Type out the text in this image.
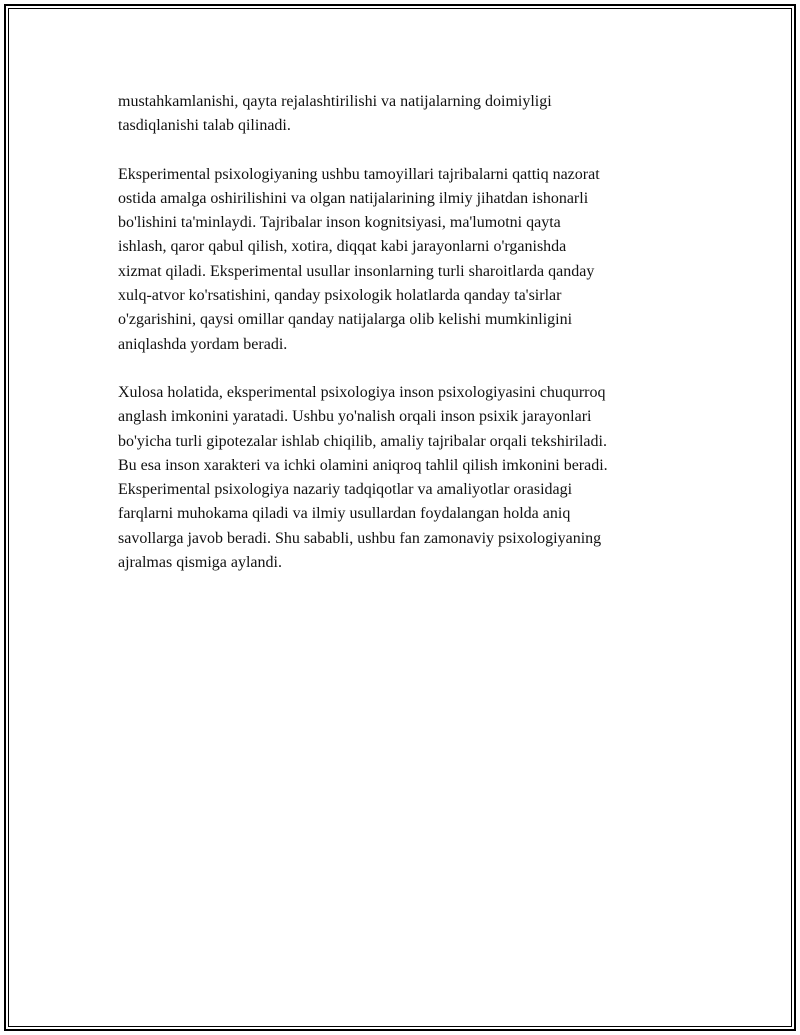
mustahkamlanishi, qayta rejalashtirilishi va natijalarning doimiyligi
tasdiqlanishi talab qilinadi.

Eksperimental psixologiyaning ushbu tamoyillari tajribalarni qattiq nazorat
ostida amalga oshirilishini va olgan natijalarining ilmiy jihatdan ishonarli
bo'lishini ta'minlaydi. Tajribalar inson kognitsiyasi, ma'lumotni qayta
ishlash, qaror qabul qilish, xotira, diqqat kabi jarayonlarni o'rganishda
xizmat qiladi. Eksperimental usullar insonlarning turli sharoitlarda qanday
xulq-atvor ko'rsatishini, qanday psixologik holatlarda qanday ta'sirlar
o'zgarishini, qaysi omillar qanday natijalarga olib kelishi mumkinligini
aniqlashda yordam beradi.

Xulosa holatida, eksperimental psixologiya inson psixologiyasini chuqurroq
anglash imkonini yaratadi. Ushbu yo'nalish orqali inson psixik jarayonlari
bo'yicha turli gipotezalar ishlab chiqilib, amaliy tajribalar orqali tekshiriladi.
Bu esa inson xarakteri va ichki olamini aniqroq tahlil qilish imkonini beradi.
Eksperimental psixologiya nazariy tadqiqotlar va amaliyotlar orasidagi
farqlarni muhokama qiladi va ilmiy usullardan foydalangan holda aniq
savollarga javob beradi. Shu sababli, ushbu fan zamonaviy psixologiyaning
ajralmas qismiga aylandi.
